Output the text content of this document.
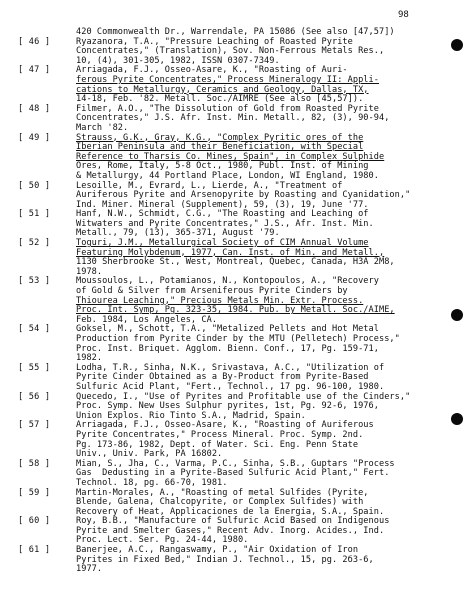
98
420 Commonwealth Dr., Warrendale, PA 15086 (See also [47,57])
[ 46 ]	Ryazanora, T.A., "Pressure Leaching of Roasted Pyrite
Concentrates," (Translation), Sov. Non-Ferrous Metals Res.,
10, (4), 301-305, 1982, ISSN 0307-7349.
[ 47 ]	Arriagada, F.J., Osseo-Asare, K., "Roasting of Auri-
ferous Pyrite Concentrates," Process Mineralogy II: Appli-
cations to Metallurgy, Ceramics and Geology, Dallas, TX,
14-18, Feb. '82. Metall. Soc./AIMRE (See also [45,57]).
[ 48 ]	Filmer, A.O., "The Dissolution of Gold from Roasted Pyrite
Concentrates," J.S. Afr. Inst. Min. Metall., 82, (3), 90-94,
March '82.
[ 49 ]	Strauss, G.K., Gray, K.G., "Complex Pyritic ores of the
Iberian Peninsula and their Beneficiation, with Special
Reference to Tharsis Co. Mines, Spain", in Complex Sulphide
Ores, Rome, Italy, 5-8 Oct., 1980, Publ. Inst. of Mining
& Metallurgy, 44 Portland Place, London, WI England, 1980.
[ 50 ]	Lesoille, M., Evrard, L., Lierde, A., "Treatment of
Auriferous Pyrite and Arsenopyrite by Roasting and Cyanidation,"
Ind. Miner. Mineral (Supplement), 59, (3), 19, June '77.
[ 51 ]	Hanf, N.W., Schmidt, C.G., "The Roasting and Leaching of
Witwaters and Pyrite Concentrates," J.S., Afr. Inst. Min.
Metall., 79, (13), 365-371, August '79.
[ 52 ]	Toguri, J.M., Metallurgical Society of CIM Annual Volume
Featuring Molybdenum, 1977, Can. Inst. of Min. and Metall.,
1130 Sherbrooke St., West, Montreal, Quebec, Canada, H3A 2M8,
1978.
[ 53 ]	Moussoulos, L., Potamianos, N., Kontopoulos, A., "Recovery
of Gold & Silver from Arseniferous Pyrite Cinders by
Thiourea Leaching," Precious Metals Min. Extr. Process.
Proc. Int. Symp, Pg. 323-35, 1984. Pub. by Metall. Soc./AIME,
Feb. 1984, Los Angeles, CA.
[ 54 ]	Goksel, M., Schott, T.A., "Metalized Pellets and Hot Metal
Production from Pyrite Cinder by the MTU (Pelletech) Process,"
Proc. Inst. Briquet. Agglom. Bienn. Conf., 17, Pg. 159-71,
1982.
[ 55 ]	Lodha, T.R., Sinha, N.K., Srivastava, A.C., "Utilization of
Pyrite Cinder Obtained as a By-Product from Pyrite-Based
Sulfuric Acid Plant, "Fert., Technol., 17 pg. 96-100, 1980.
[ 56 ]	Quecedo, I., "Use of Pyrites and Profitable use of the Cinders,"
Proc. Symp. New Uses Sulphur pyrites, 1st, Pg. 92-6, 1976,
Union Explos. Rio Tinto S.A., Madrid, Spain.
[ 57 ]	Arriagada, F.J., Osseo-Asare, K., "Roasting of Auriferous
Pyrite Concentrates," Process Mineral. Proc. Symp. 2nd.
Pg. 173-86, 1982, Dept. of Water. Sci. Eng. Penn State
Univ., Univ. Park, PA 16802.
[ 58 ]	Mian, S., Jha, C., Varma, P.C., Sinha, S.B., Guptars "Process
Gas  Dedusting in a Pyrite-Based Sulfuric Acid Plant," Fert.
Technol. 18, pg. 66-70, 1981.
[ 59 ]	Martin-Morales, A., "Roasting of metal Sulfides (Pyrite,
Blende, Galena, Chalcopyrite, or Complex Sulfides) with
Recovery of Heat, Applicaciones de la Energia, S.A., Spain.
[ 60 ]	Roy, B.B., "Manufacture of Sulfuric Acid Based on Indigenous
Pyrite and Smelter Gases," Recent Adv. Inorg. Acides., Ind.
Proc. Lect. Ser. Pg. 24-44, 1980.
[ 61 ]	Banerjee, A.C., Rangaswamy, P., "Air Oxidation of Iron
Pyrites in Fixed Bed," Indian J. Technol., 15, pg. 2б3-6,
1977.
